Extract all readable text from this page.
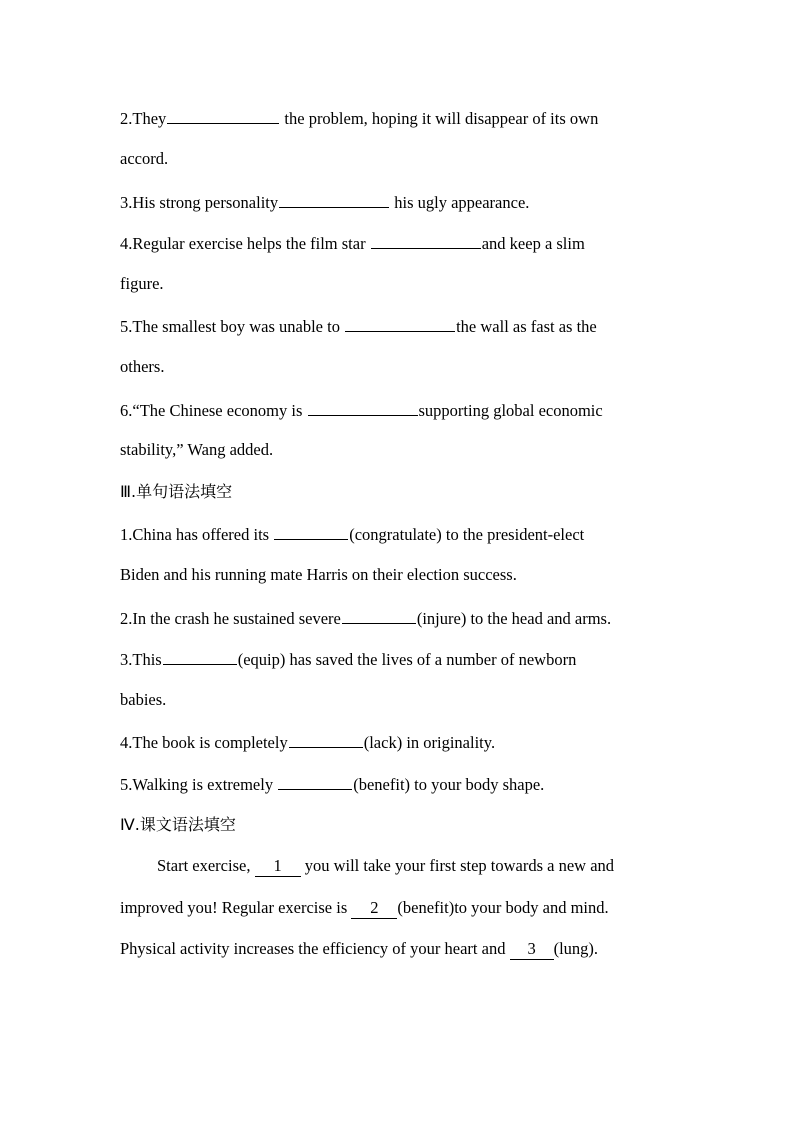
2.They	the problem, hoping it will disappear of its own
accord.
3.His strong personality	his ugly appearance.
4.Regular exercise helps the film star	and keep a slim
figure.
5.The smallest boy was unable to	the wall as fast as the
others.
6.“The Chinese economy is	supporting global economic
stability,” Wang added.
Ⅲ.单句语法填空
1.China has offered its	(congratulate) to the president-elect
Biden and his running mate Harris on their election success.
2.In the crash he sustained severe	(injure) to the head and arms.
3.This	(equip) has saved the lives of a number of newborn
babies.
4.The book is completely	(lack) in originality.
5.Walking is extremely	(benefit) to your body shape.
Ⅳ.课文语法填空
Start exercise, 1 you will take your first step towards a new and
improved you! Regular exercise is 2 (benefit)to your body and mind.
Physical activity increases the efficiency of your heart and 3 (lung).
